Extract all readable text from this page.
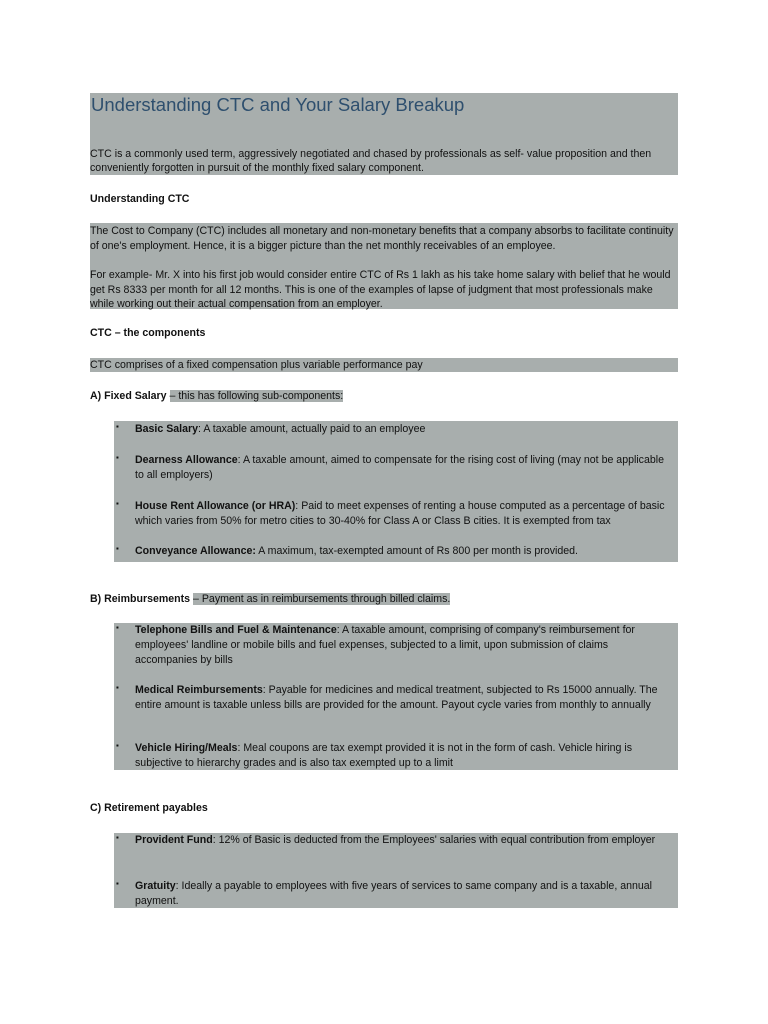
Understanding CTC and Your Salary Breakup
CTC is a commonly used term, aggressively negotiated and chased by professionals as self- value proposition and then conveniently forgotten in pursuit of the monthly fixed salary component.
Understanding CTC
The Cost to Company (CTC) includes all monetary and non-monetary benefits that a company absorbs to facilitate continuity of one's employment. Hence, it is a bigger picture than the net monthly receivables of an employee.
For example- Mr. X into his first job would consider entire CTC of Rs 1 lakh as his take home salary with belief that he would get Rs 8333 per month for all 12 months. This is one of the examples of lapse of judgment that most professionals make while working out their actual compensation from an employer.
CTC – the components
CTC comprises of a fixed compensation plus variable performance pay
A) Fixed Salary – this has following sub-components:
▪ Basic Salary: A taxable amount, actually paid to an employee
▪ Dearness Allowance: A taxable amount, aimed to compensate for the rising cost of living (may not be applicable to all employers)
▪ House Rent Allowance (or HRA): Paid to meet expenses of renting a house computed as a percentage of basic which varies from 50% for metro cities to 30-40% for Class A or Class B cities. It is exempted from tax
▪ Conveyance Allowance: A maximum, tax-exempted amount of Rs 800 per month is provided.
B) Reimbursements – Payment as in reimbursements through billed claims.
▪ Telephone Bills and Fuel & Maintenance: A taxable amount, comprising of company's reimbursement for employees' landline or mobile bills and fuel expenses, subjected to a limit, upon submission of claims accompanies by bills
▪ Medical Reimbursements: Payable for medicines and medical treatment, subjected to Rs 15000 annually. The entire amount is taxable unless bills are provided for the amount. Payout cycle varies from monthly to annually
▪ Vehicle Hiring/Meals: Meal coupons are tax exempt provided it is not in the form of cash. Vehicle hiring is subjective to hierarchy grades and is also tax exempted up to a limit
C) Retirement payables
▪ Provident Fund: 12% of Basic is deducted from the Employees' salaries with equal contribution from employer
▪ Gratuity: Ideally a payable to employees with five years of services to same company and is a taxable, annual payment.
